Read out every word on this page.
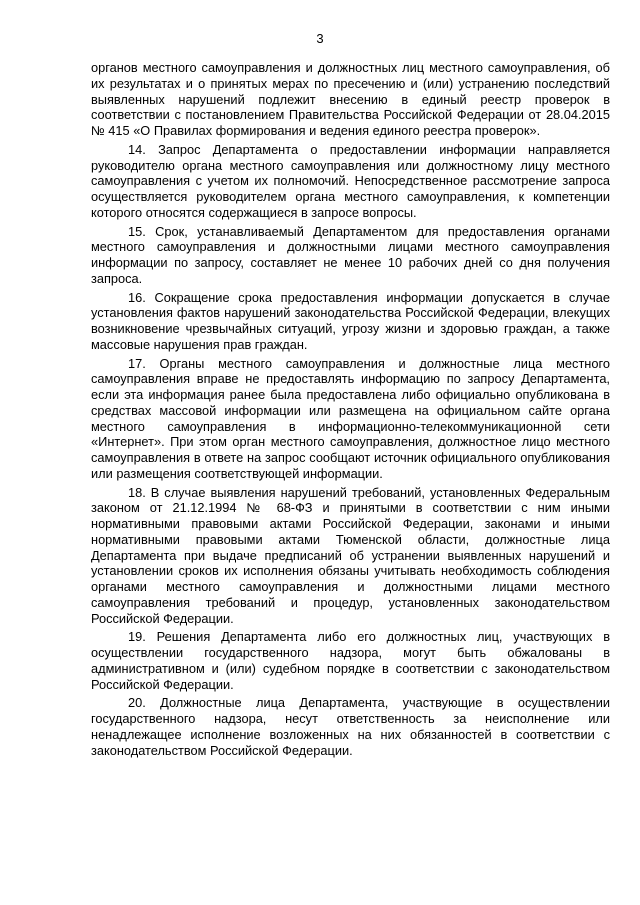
3

органов местного самоуправления и должностных лиц местного самоуправления, об их результатах и о принятых мерах по пресечению и (или) устранению последствий выявленных нарушений подлежит внесению в единый реестр проверок в соответствии с постановлением Правительства Российской Федерации от 28.04.2015 № 415 «О Правилах формирования и ведения единого реестра проверок».

14. Запрос Департамента о предоставлении информации направляется руководителю органа местного самоуправления или должностному лицу местного самоуправления с учетом их полномочий. Непосредственное рассмотрение запроса осуществляется руководителем органа местного самоуправления, к компетенции которого относятся содержащиеся в запросе вопросы.

15. Срок, устанавливаемый Департаментом для предоставления органами местного самоуправления и должностными лицами местного самоуправления информации по запросу, составляет не менее 10 рабочих дней со дня получения запроса.

16. Сокращение срока предоставления информации допускается в случае установления фактов нарушений законодательства Российской Федерации, влекущих возникновение чрезвычайных ситуаций, угрозу жизни и здоровью граждан, а также массовые нарушения прав граждан.

17. Органы местного самоуправления и должностные лица местного самоуправления вправе не предоставлять информацию по запросу Департамента, если эта информация ранее была предоставлена либо официально опубликована в средствах массовой информации или размещена на официальном сайте органа местного самоуправления в информационно-телекоммуникационной сети «Интернет». При этом орган местного самоуправления, должностное лицо местного самоуправления в ответе на запрос сообщают источник официального опубликования или размещения соответствующей информации.

18. В случае выявления нарушений требований, установленных Федеральным законом от 21.12.1994 № 68-ФЗ и принятыми в соответствии с ним иными нормативными правовыми актами Российской Федерации, законами и иными нормативными правовыми актами Тюменской области, должностные лица Департамента при выдаче предписаний об устранении выявленных нарушений и установлении сроков их исполнения обязаны учитывать необходимость соблюдения органами местного самоуправления и должностными лицами местного самоуправления требований и процедур, установленных законодательством Российской Федерации.

19. Решения Департамента либо его должностных лиц, участвующих в осуществлении государственного надзора, могут быть обжалованы в административном и (или) судебном порядке в соответствии с законодательством Российской Федерации.

20. Должностные лица Департамента, участвующие в осуществлении государственного надзора, несут ответственность за неисполнение или ненадлежащее исполнение возложенных на них обязанностей в соответствии с законодательством Российской Федерации.
